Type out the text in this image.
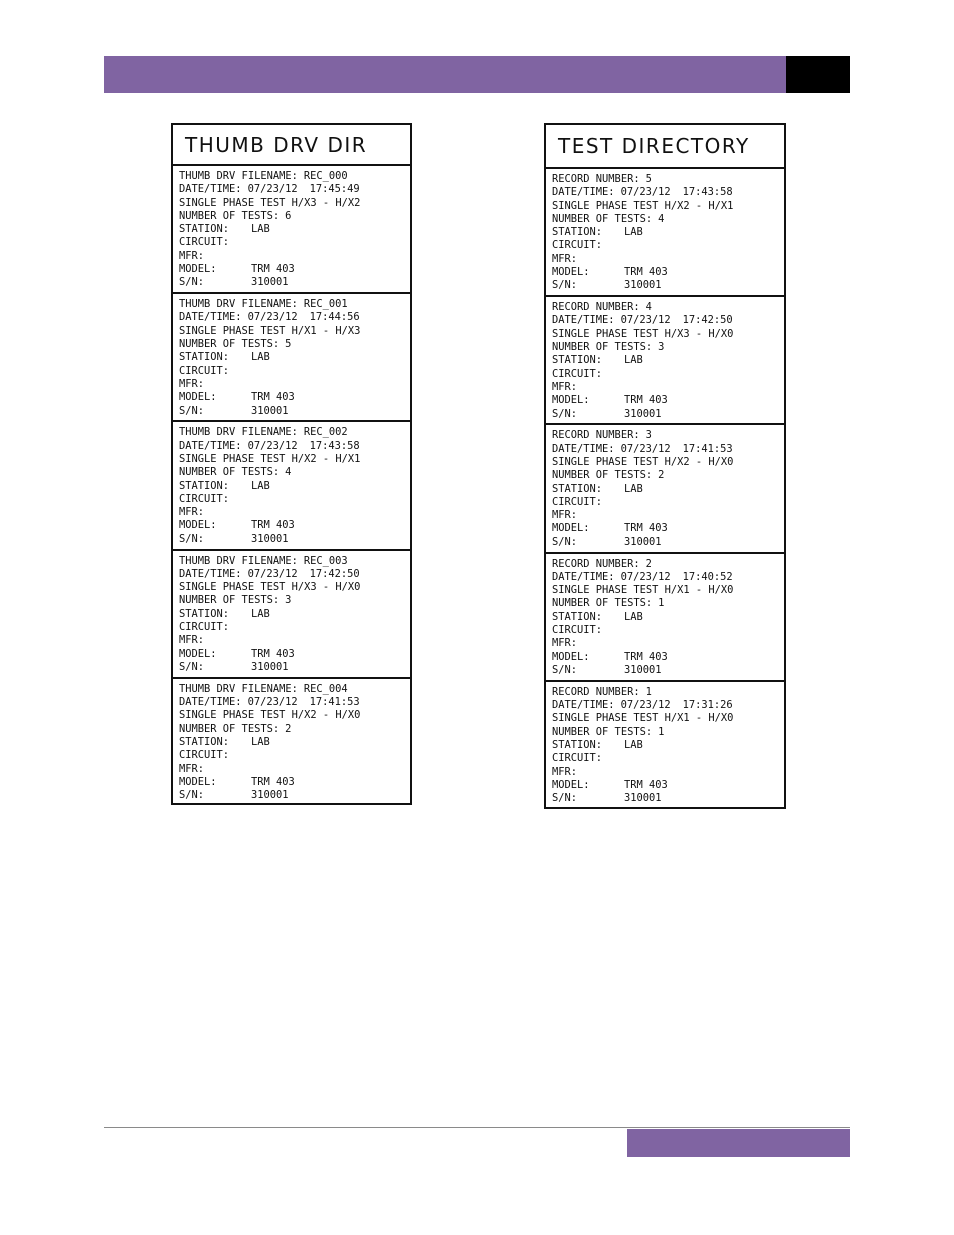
THUMB DRV DIR
THUMB DRV FILENAME: REC_000
DATE/TIME: 07/23/12 17:45:49
SINGLE PHASE TEST H/X3 - H/X2
NUMBER OF TESTS: 6
STATION:	LAB
CIRCUIT:
MFR:
MODEL:	TRM 403
S/N:	310001
THUMB DRV FILENAME: REC_001
DATE/TIME: 07/23/12 17:44:56
SINGLE PHASE TEST H/X1 - H/X3
NUMBER OF TESTS: 5
STATION:	LAB
CIRCUIT:
MFR:
MODEL:	TRM 403
S/N:	310001
THUMB DRV FILENAME: REC_002
DATE/TIME: 07/23/12 17:43:58
SINGLE PHASE TEST H/X2 - H/X1
NUMBER OF TESTS: 4
STATION:	LAB
CIRCUIT:
MFR:
MODEL:	TRM 403
S/N:	310001
THUMB DRV FILENAME: REC_003
DATE/TIME: 07/23/12 17:42:50
SINGLE PHASE TEST H/X3 - H/X0
NUMBER OF TESTS: 3
STATION:	LAB
CIRCUIT:
MFR:
MODEL:	TRM 403
S/N:	310001
THUMB DRV FILENAME: REC_004
DATE/TIME: 07/23/12 17:41:53
SINGLE PHASE TEST H/X2 - H/X0
NUMBER OF TESTS: 2
STATION:	LAB
CIRCUIT:
MFR:
MODEL:	TRM 403
S/N:	310001
TEST DIRECTORY
RECORD NUMBER: 5
DATE/TIME: 07/23/12 17:43:58
SINGLE PHASE TEST H/X2 - H/X1
NUMBER OF TESTS: 4
STATION:	LAB
CIRCUIT:
MFR:
MODEL:	TRM 403
S/N:	310001
RECORD NUMBER: 4
DATE/TIME: 07/23/12 17:42:50
SINGLE PHASE TEST H/X3 - H/X0
NUMBER OF TESTS: 3
STATION:	LAB
CIRCUIT:
MFR:
MODEL:	TRM 403
S/N:	310001
RECORD NUMBER: 3
DATE/TIME: 07/23/12 17:41:53
SINGLE PHASE TEST H/X2 - H/X0
NUMBER OF TESTS: 2
STATION:	LAB
CIRCUIT:
MFR:
MODEL:	TRM 403
S/N:	310001
RECORD NUMBER: 2
DATE/TIME: 07/23/12 17:40:52
SINGLE PHASE TEST H/X1 - H/X0
NUMBER OF TESTS: 1
STATION:	LAB
CIRCUIT:
MFR:
MODEL:	TRM 403
S/N:	310001
RECORD NUMBER: 1
DATE/TIME: 07/23/12 17:31:26
SINGLE PHASE TEST H/X1 - H/X0
NUMBER OF TESTS: 1
STATION:	LAB
CIRCUIT:
MFR:
MODEL:	TRM 403
S/N:	310001
